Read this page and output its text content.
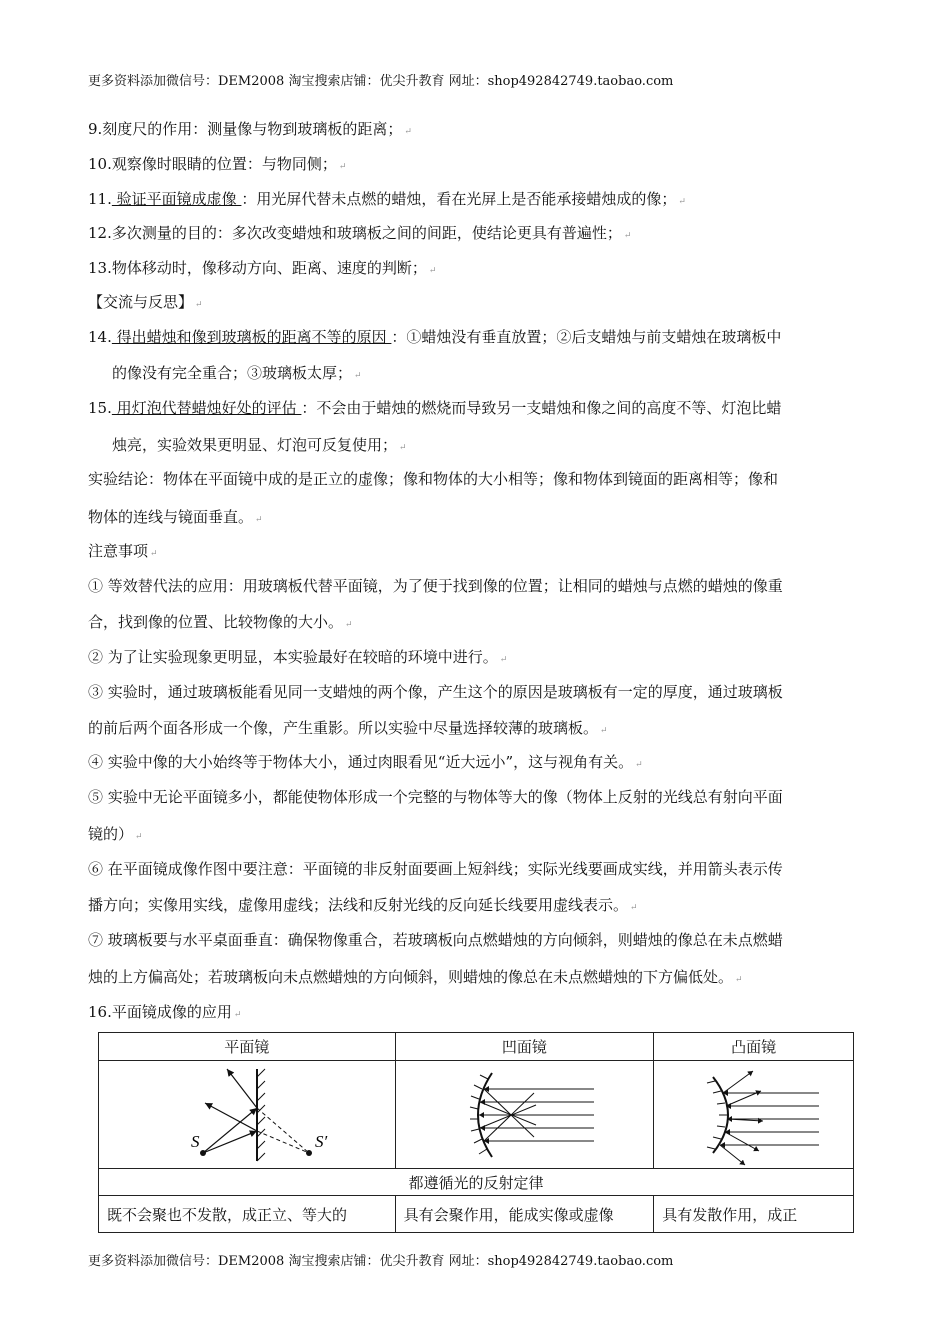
更多资料添加微信号：DEM2008 淘宝搜索店铺：优尖升教育 网址：shop492842749.taobao.com
9.刻度尺的作用：测量像与物到玻璃板的距离； ↵
10.观察像时眼睛的位置：与物同侧； ↵
11. 验证平面镜成虚像 ：用光屏代替未点燃的蜡烛，看在光屏上是否能承接蜡烛成的像； ↵
12.多次测量的目的：多次改变蜡烛和玻璃板之间的间距，使结论更具有普遍性； ↵
13.物体移动时，像移动方向、距离、速度的判断； ↵
【交流与反思】 ↵
14. 得出蜡烛和像到玻璃板的距离不等的原因 ：①蜡烛没有垂直放置；②后支蜡烛与前支蜡烛在玻璃板中
的像没有完全重合；③玻璃板太厚； ↵
15. 用灯泡代替蜡烛好处的评估 ：不会由于蜡烛的燃烧而导致另一支蜡烛和像之间的高度不等、灯泡比蜡
烛亮，实验效果更明显、灯泡可反复使用； ↵
实验结论：物体在平面镜中成的是正立的虚像；像和物体的大小相等；像和物体到镜面的距离相等；像和
物体的连线与镜面垂直。 ↵
注意事项 ↵
① 等效替代法的应用：用玻璃板代替平面镜，为了便于找到像的位置；让相同的蜡烛与点燃的蜡烛的像重
合，找到像的位置、比较物像的大小。 ↵
② 为了让实验现象更明显，本实验最好在较暗的环境中进行。 ↵
③ 实验时，通过玻璃板能看见同一支蜡烛的两个像，产生这个的原因是玻璃板有一定的厚度，通过玻璃板
的前后两个面各形成一个像，产生重影。所以实验中尽量选择较薄的玻璃板。 ↵
④ 实验中像的大小始终等于物体大小，通过肉眼看见“近大远小”，这与视角有关。 ↵
⑤ 实验中无论平面镜多小，都能使物体形成一个完整的与物体等大的像（物体上反射的光线总有射向平面
镜的） ↵
⑥ 在平面镜成像作图中要注意：平面镜的非反射面要画上短斜线；实际光线要画成实线，并用箭头表示传
播方向；实像用实线，虚像用虚线；法线和反射光线的反向延长线要用虚线表示。 ↵
⑦ 玻璃板要与水平桌面垂直：确保物像重合，若玻璃板向点燃蜡烛的方向倾斜，则蜡烛的像总在未点燃蜡
烛的上方偏高处；若玻璃板向未点燃蜡烛的方向倾斜，则蜡烛的像总在未点燃蜡烛的下方偏低处。 ↵
16.平面镜成像的应用 ↵
平面镜	凹面镜	凸面镜

S S′

都遵循光的反射定律		
既不会聚也不发散，成正立、等大的	具有会聚作用，能成实像或虚像	具有发散作用，成正
更多资料添加微信号：DEM2008 淘宝搜索店铺：优尖升教育 网址：shop492842749.taobao.com
